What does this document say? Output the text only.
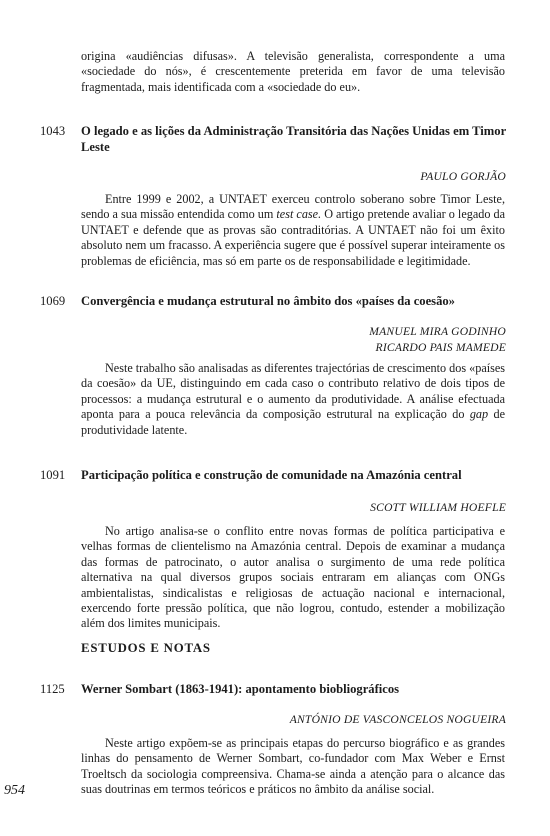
origina «audiências difusas». A televisão generalista, correspondente a uma «sociedade do nós», é crescentemente preterida em favor de uma televisão fragmentada, mais identificada com a «sociedade do eu».
1043	O legado e as lições da Administração Transitória das Nações Unidas em Timor Leste
PAULO GORJÃO
Entre 1999 e 2002, a UNTAET exerceu controlo soberano sobre Timor Leste, sendo a sua missão entendida como um test case. O artigo pretende avaliar o legado da UNTAET e defende que as provas são contraditórias. A UNTAET não foi um êxito absoluto nem um fracasso. A experiência sugere que é possível superar inteiramente os problemas de eficiência, mas só em parte os de responsabilidade e legitimidade.
1069	Convergência e mudança estrutural no âmbito dos «países da coesão»
MANUEL MIRA GODINHO
RICARDO PAIS MAMEDE
Neste trabalho são analisadas as diferentes trajectórias de crescimento dos «países da coesão» da UE, distinguindo em cada caso o contributo relativo de dois tipos de processos: a mudança estrutural e o aumento da produtividade. A análise efectuada aponta para a pouca relevância da composição estrutural na explicação do gap de produtividade latente.
1091	Participação política e construção de comunidade na Amazónia central
SCOTT WILLIAM HOEFLE
No artigo analisa-se o conflito entre novas formas de política participativa e velhas formas de clientelismo na Amazónia central. Depois de examinar a mudança das formas de patrocinato, o autor analisa o surgimento de uma rede política alternativa na qual diversos grupos sociais entraram em alianças com ONGs ambientalistas, sindicalistas e religiosas de actuação nacional e internacional, exercendo forte pressão política, que não logrou, contudo, estender a mobilização além dos limites municipais.
ESTUDOS E NOTAS
1125	Werner Sombart (1863-1941): apontamento biobliográficos
ANTÓNIO DE VASCONCELOS NOGUEIRA
Neste artigo expõem-se as principais etapas do percurso biográfico e as grandes linhas do pensamento de Werner Sombart, co-fundador com Max Weber e Ernst Troeltsch da sociologia compreensiva. Chama-se ainda a atenção para o alcance das suas doutrinas em termos teóricos e práticos no âmbito da análise social.
954
